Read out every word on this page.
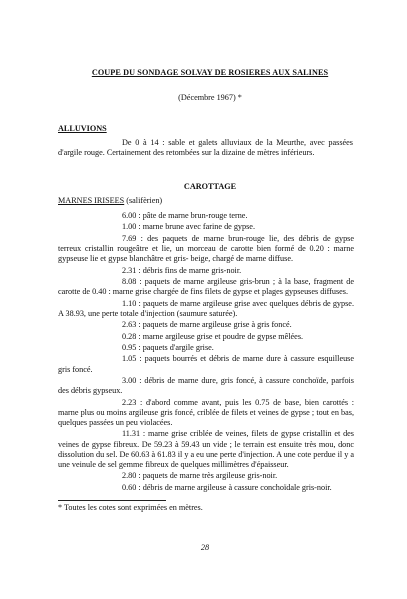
COUPE DU SONDAGE SOLVAY DE ROSIERES AUX SALINES
(Décembre 1967) *
ALLUVIONS
De 0 à 14 : sable et galets alluviaux de la Meurthe, avec passées d'argile rouge. Certainement des retombées sur la dizaine de mètres inférieurs.
CAROTTAGE
MARNES IRISEES (salifèrien)
6.00 : pâte de marne brun-rouge terne.
1.00 : marne brune avec farine de gypse.
7.69 : des paquets de marne brun-rouge lie, des débris de gypse terreux cristallin rougeâtre et lie, un morceau de carotte bien formé de 0.20 : marne gypseuse lie et gypse blanchâtre et gris- beige, chargé de marne diffuse.
2.31 : débris fins de marne gris-noir.
8.08 : paquets de marne argileuse gris-brun ; à la base, fragment de carotte de 0.40 : marne grise chargée de fins filets de gypse et plages gypseuses diffuses.
1.10 : paquets de marne argileuse grise avec quelques débris de gypse. A 38.93, une perte totale d'injection (saumure saturée).
2.63 : paquets de marne argileuse grise à gris foncé.
0.28 : marne argileuse grise et poudre de gypse mêlées.
0.95 : paquets d'argile grise.
1.05 : paquets bourrés et débris de marne dure à cassure esquilleuse gris foncé.
3.00 : débris de marne dure, gris foncé, à cassure conchoïde, parfois des débris gypseux.
2.23 : d'abord comme avant, puis les 0.75 de base, bien carottés : marne plus ou moins argileuse gris foncé, criblée de filets et veines de gypse ; tout en bas, quelques passées un peu violacées.
11.31 : marne grise criblée de veines, filets de gypse cristallin et des veines de gypse fibreux. De 59.23 à 59.43 un vide ; le terrain est ensuite très mou, donc dissolution du sel. De 60.63 à 61.83 il y a eu une perte d'injection. A une cote perdue il y a une veinule de sel gemme fibreux de quelques millimètres d'épaisseur.
2.80 : paquets de marne très argileuse gris-noir.
0.60 : débris de marne argileuse à cassure conchoïdale gris-noir.
* Toutes les cotes sont exprimées en mètres.
28
